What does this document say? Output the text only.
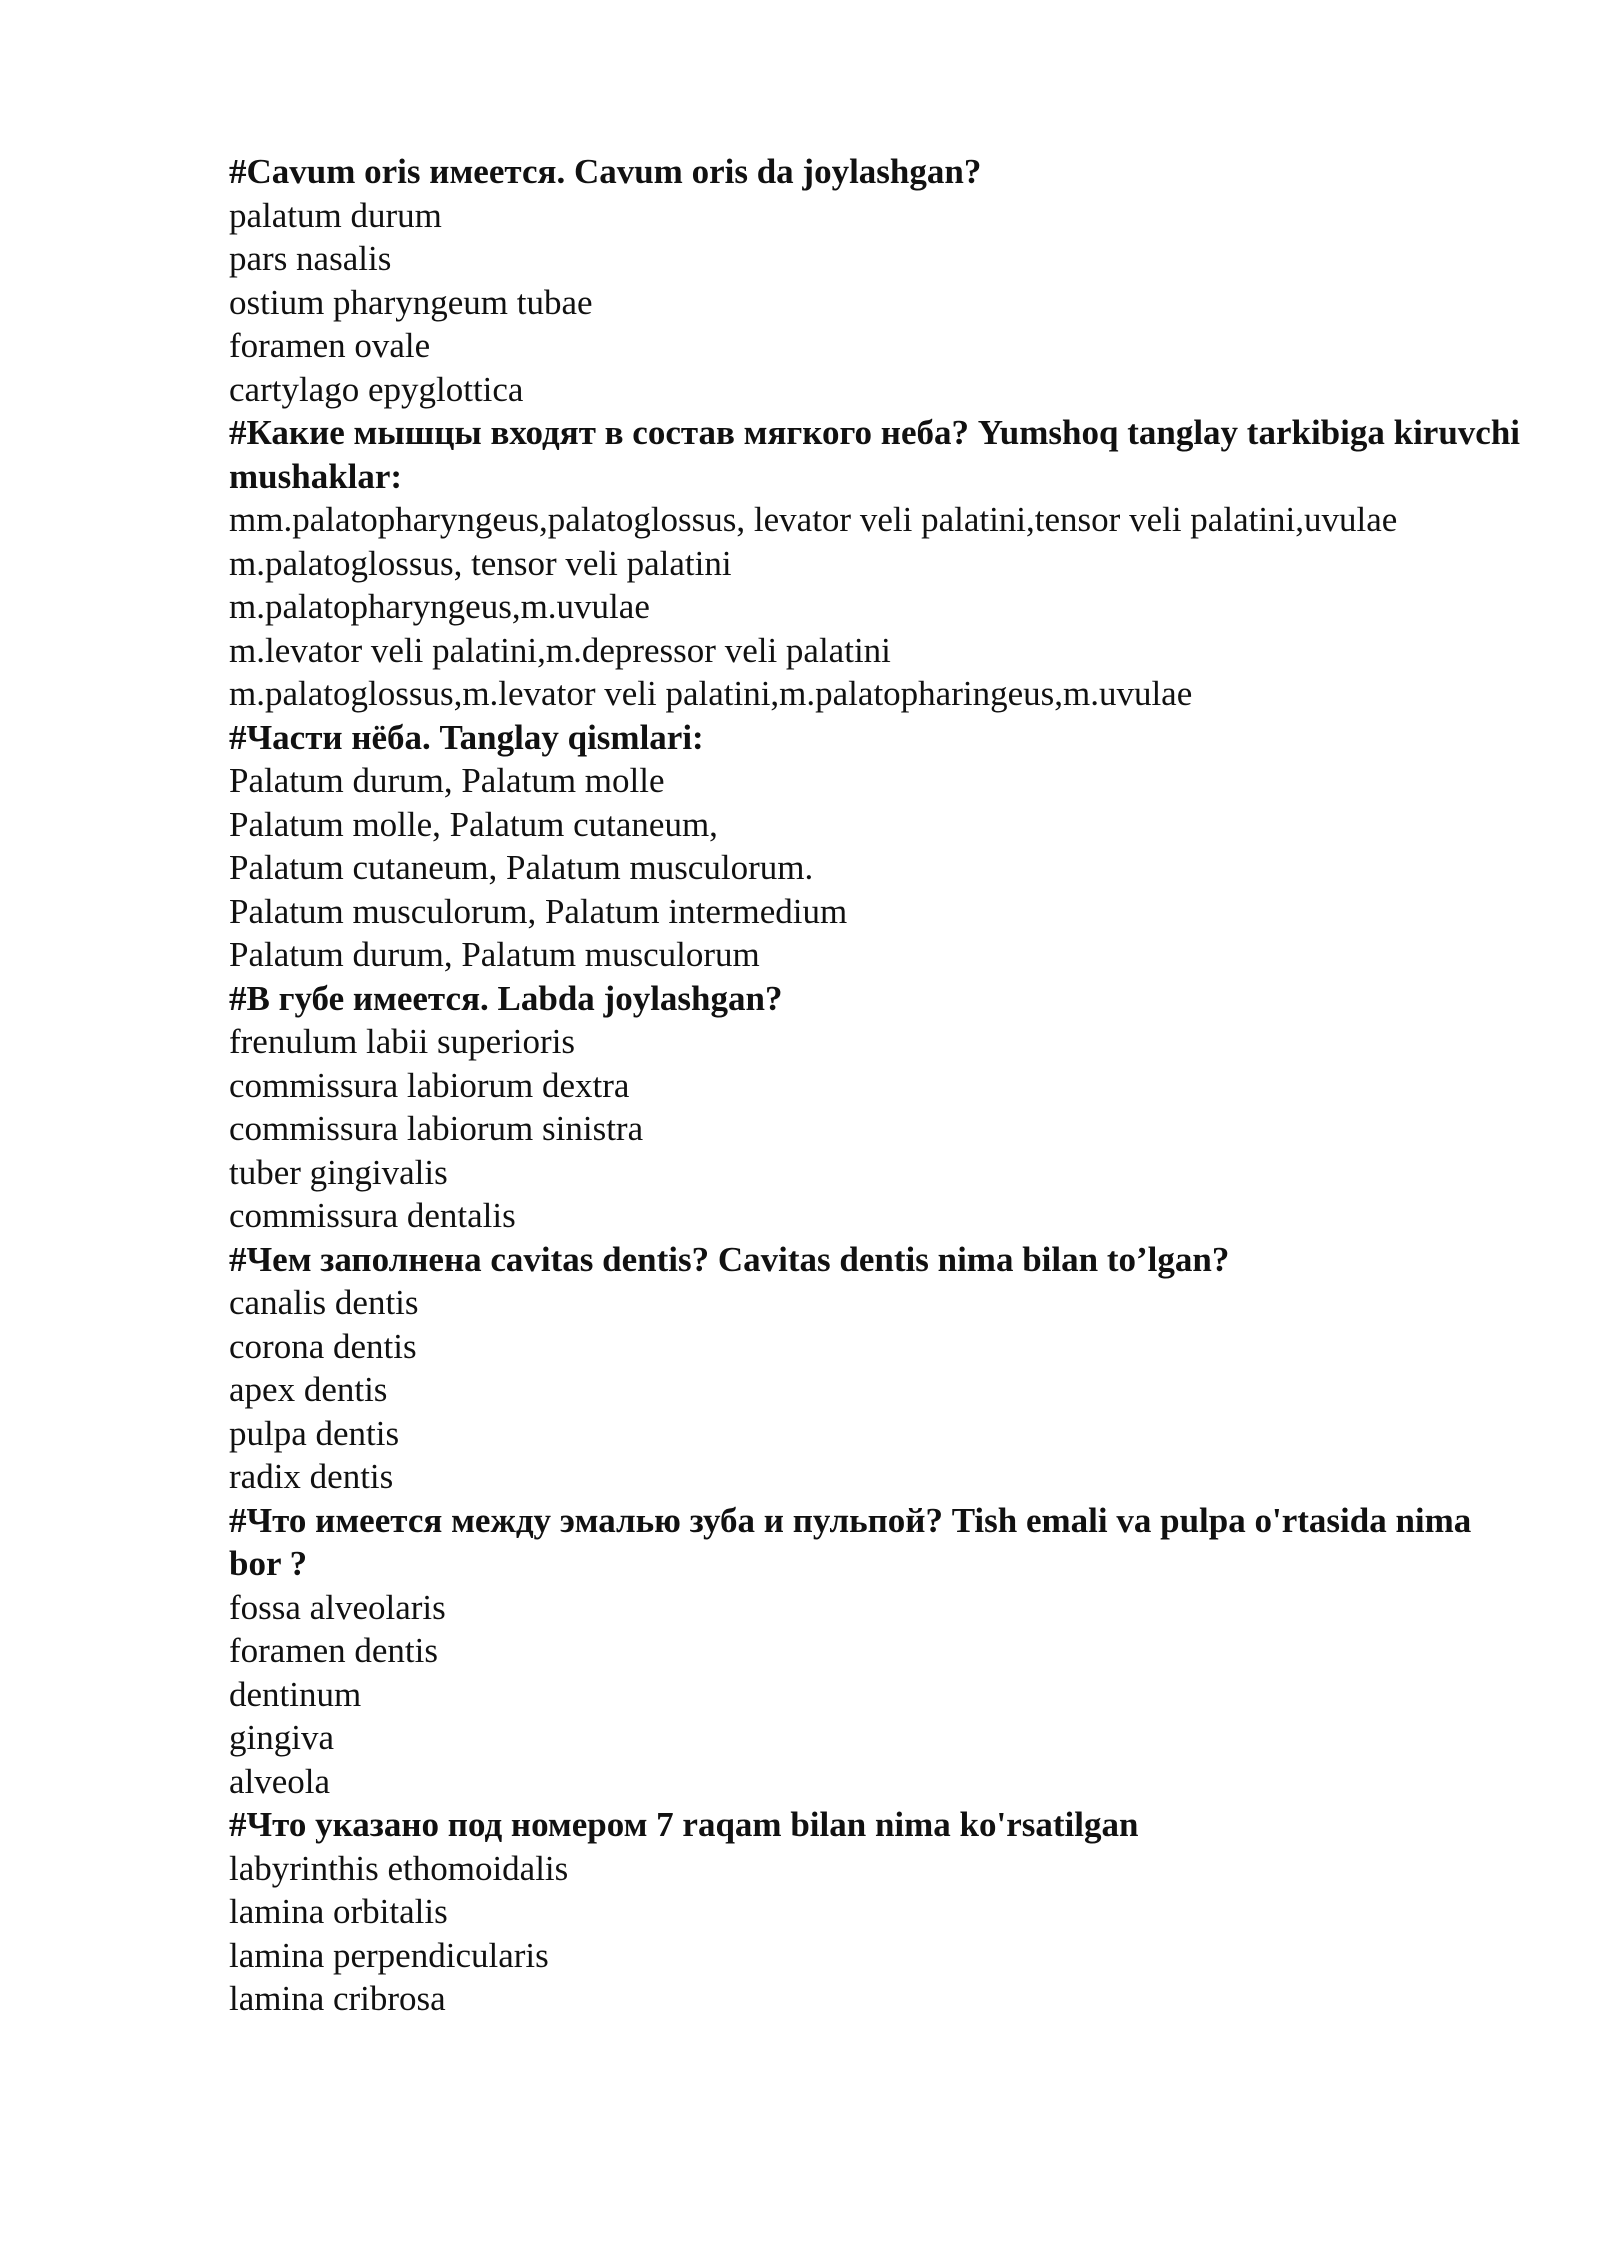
#Cavum oris имеется. Cavum oris da joylashgan?

palatum durum

pars nasalis

ostium pharyngeum tubae

foramen ovale

cartylago epyglottica

#Какие мышцы входят в состав мягкого неба? Yumshoq tanglay tarkibiga kiruvchi mushaklar:

mm.palatopharyngeus,palatoglossus, levator veli palatini,tensor veli palatini,uvulae

m.palatoglossus, tensor veli palatini

m.palatopharyngeus,m.uvulae

m.levator veli palatini,m.depressor veli palatini

m.palatoglossus,m.levator veli palatini,m.palatopharingeus,m.uvulae

#Части нёба. Tanglay qismlari:

Palatum durum, Palatum molle

Palatum molle, Palatum cutaneum,

Palatum cutaneum, Palatum musculorum.

Palatum musculorum, Palatum intermedium

Palatum durum, Palatum musculorum

#В губе имеется. Labda joylashgan?

frenulum labii superioris

commissura labiorum dextra

commissura labiorum sinistra

tuber gingivalis

commissura dentalis

#Чем заполнена cavitas dentis? Cavitas dentis nima bilan to’lgan?

canalis dentis

corona dentis

apex dentis

pulpa dentis

radix dentis

#Что имеется между эмалью зуба и пульпой? Tish emali va pulpa o'rtasida nima bor ?

fossa alveolaris

foramen dentis

dentinum

gingiva

alveola

#Что указано под номером 7 raqam bilan nima ko'rsatilgan

labyrinthis ethomoidalis

lamina orbitalis

lamina perpendicularis

lamina cribrosa
